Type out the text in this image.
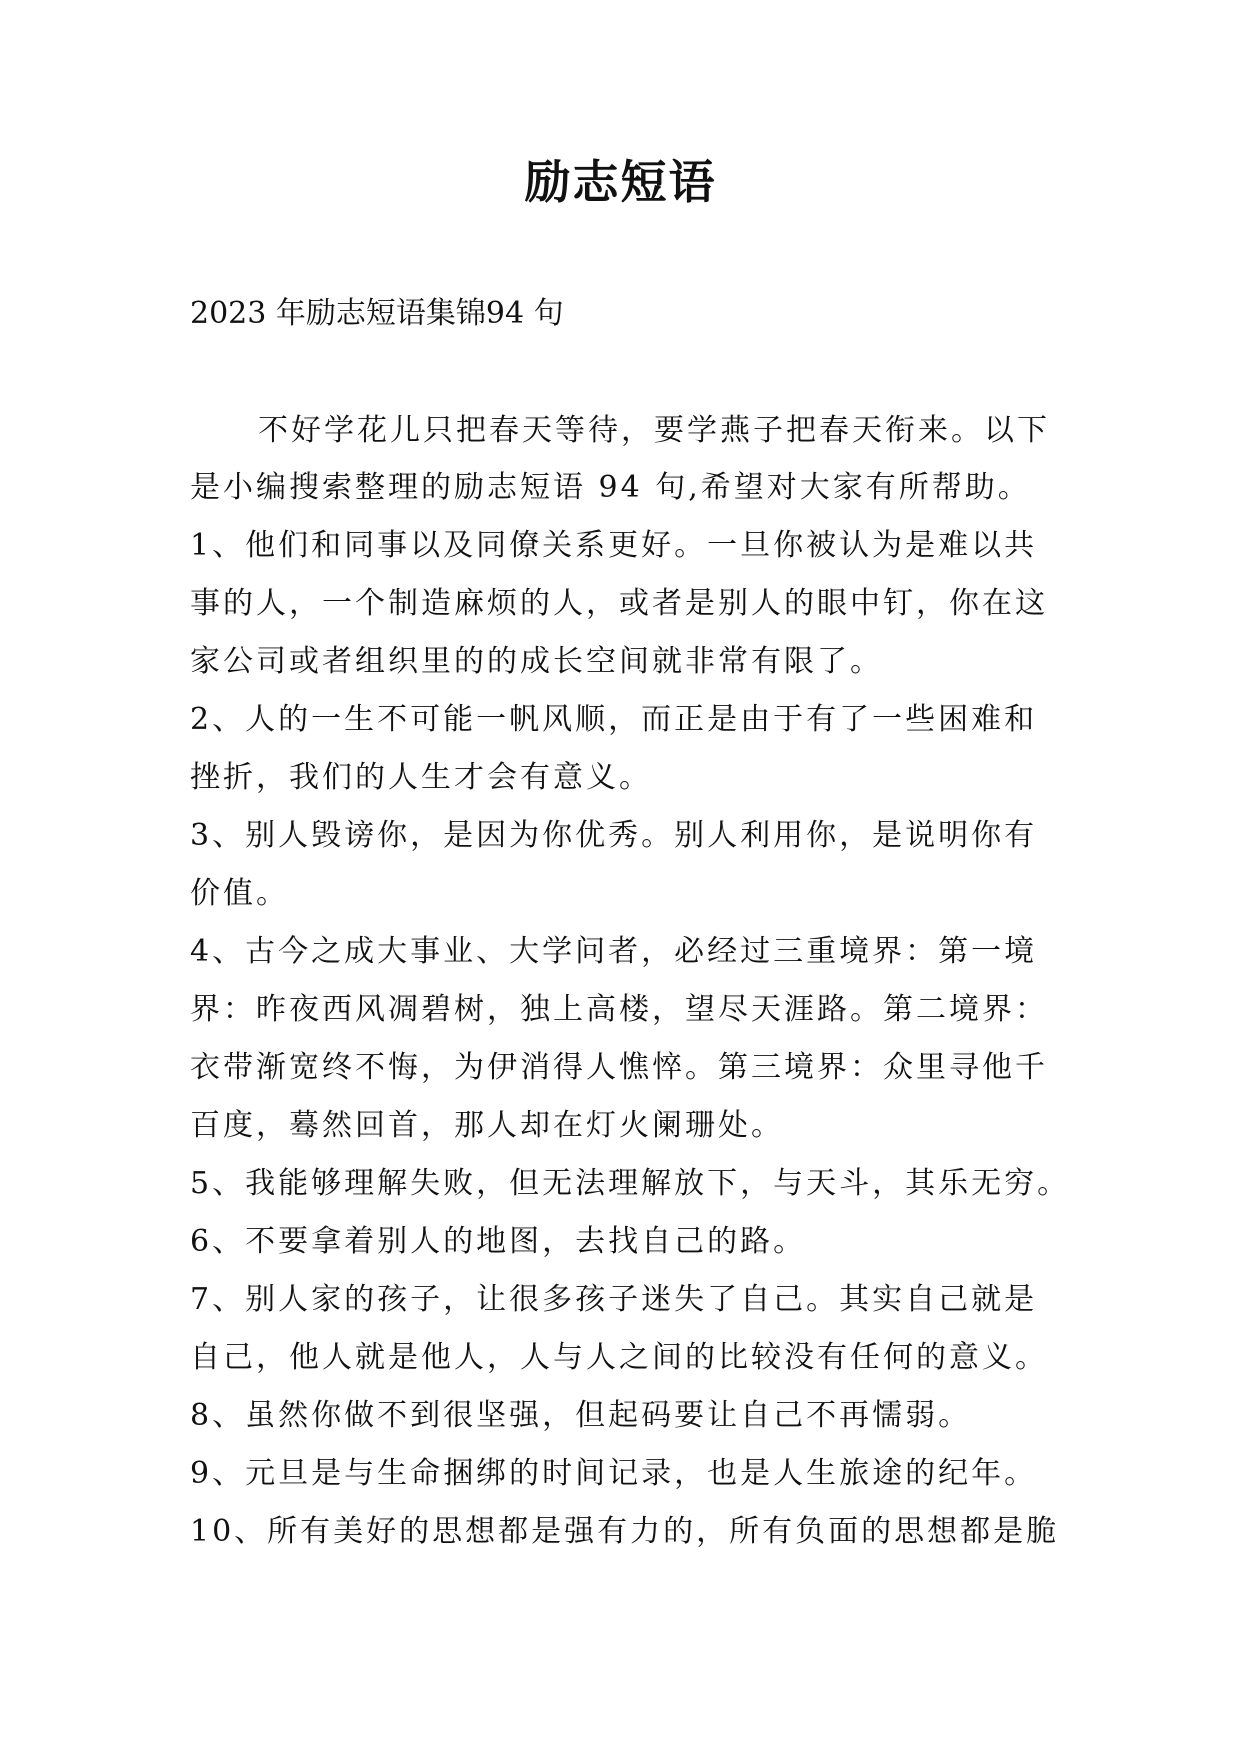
励志短语
2023 年励志短语集锦94 句
不好学花儿只把春天等待，要学燕子把春天衔来。以下
是小编搜索整理的励志短语 94 句,希望对大家有所帮助。
1、他们和同事以及同僚关系更好。一旦你被认为是难以共
事的人，一个制造麻烦的人，或者是别人的眼中钉，你在这
家公司或者组织里的的成长空间就非常有限了。
2、人的一生不可能一帆风顺，而正是由于有了一些困难和
挫折，我们的人生才会有意义。
3、别人毁谤你，是因为你优秀。别人利用你，是说明你有
价值。
4、古今之成大事业、大学问者，必经过三重境界：第一境
界：昨夜西风凋碧树，独上高楼，望尽天涯路。第二境界：
衣带渐宽终不悔，为伊消得人憔悴。第三境界：众里寻他千
百度，蓦然回首，那人却在灯火阑珊处。
5、我能够理解失败，但无法理解放下，与天斗，其乐无穷。
6、不要拿着别人的地图，去找自己的路。
7、别人家的孩子，让很多孩子迷失了自己。其实自己就是
自己，他人就是他人，人与人之间的比较没有任何的意义。
8、虽然你做不到很坚强，但起码要让自己不再懦弱。
9、元旦是与生命捆绑的时间记录，也是人生旅途的纪年。
10、所有美好的思想都是强有力的，所有负面的思想都是脆
